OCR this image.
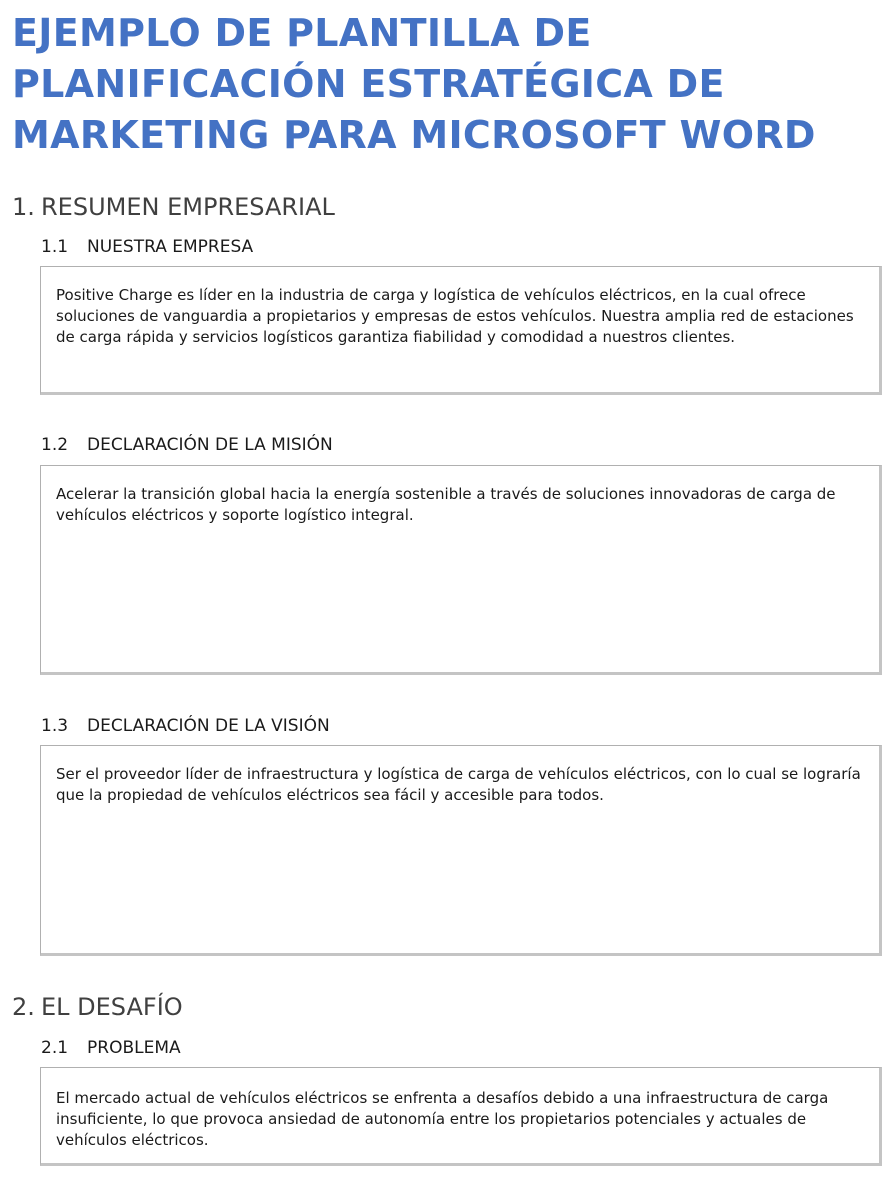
EJEMPLO DE PLANTILLA DE PLANIFICACIÓN ESTRATÉGICA DE MARKETING PARA MICROSOFT WORD
1. RESUMEN EMPRESARIAL
1.1 NUESTRA EMPRESA
Positive Charge es líder en la industria de carga y logística de vehículos eléctricos, en la cual ofrece soluciones de vanguardia a propietarios y empresas de estos vehículos. Nuestra amplia red de estaciones de carga rápida y servicios logísticos garantiza fiabilidad y comodidad a nuestros clientes.
1.2 DECLARACIÓN DE LA MISIÓN
Acelerar la transición global hacia la energía sostenible a través de soluciones innovadoras de carga de vehículos eléctricos y soporte logístico integral.
1.3 DECLARACIÓN DE LA VISIÓN
Ser el proveedor líder de infraestructura y logística de carga de vehículos eléctricos, con lo cual se lograría que la propiedad de vehículos eléctricos sea fácil y accesible para todos.
2. EL DESAFÍO
2.1 PROBLEMA
El mercado actual de vehículos eléctricos se enfrenta a desafíos debido a una infraestructura de carga insuficiente, lo que provoca ansiedad de autonomía entre los propietarios potenciales y actuales de vehículos eléctricos.
